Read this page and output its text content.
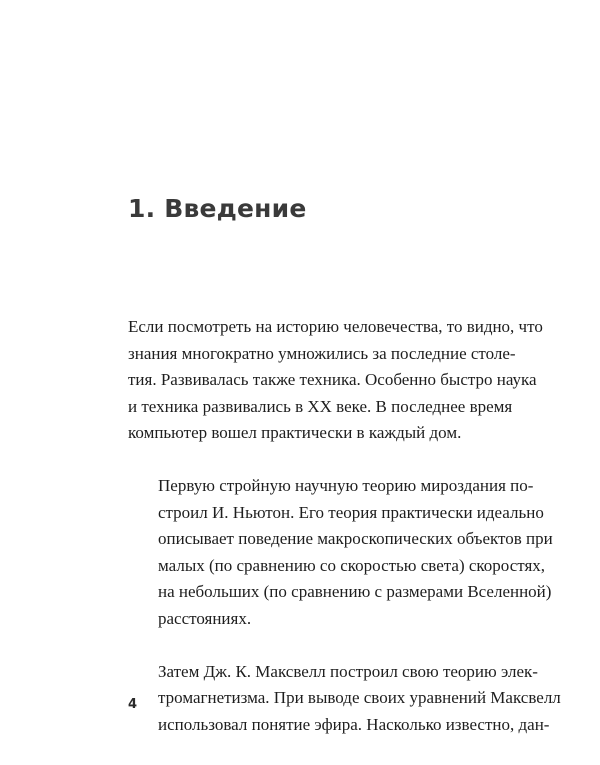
1. Введение

Если посмотреть на историю человечества, то видно, что
знания многократно умножились за последние столе-
тия. Развивалась также техника. Особенно быстро наука
и техника развивались в XX веке. В последнее время
компьютер вошел практически в каждый дом.

Первую стройную научную теорию мироздания по-
строил И. Ньютон. Его теория практически идеально
описывает поведение макроскопических объектов при
малых (по сравнению со скоростью света) скоростях,
на небольших (по сравнению с размерами Вселенной)
расстояниях.

Затем Дж. К. Максвелл построил свою теорию элек-
тромагнетизма. При выводе своих уравнений Максвелл
использовал понятие эфира. Насколько известно, дан-

4
